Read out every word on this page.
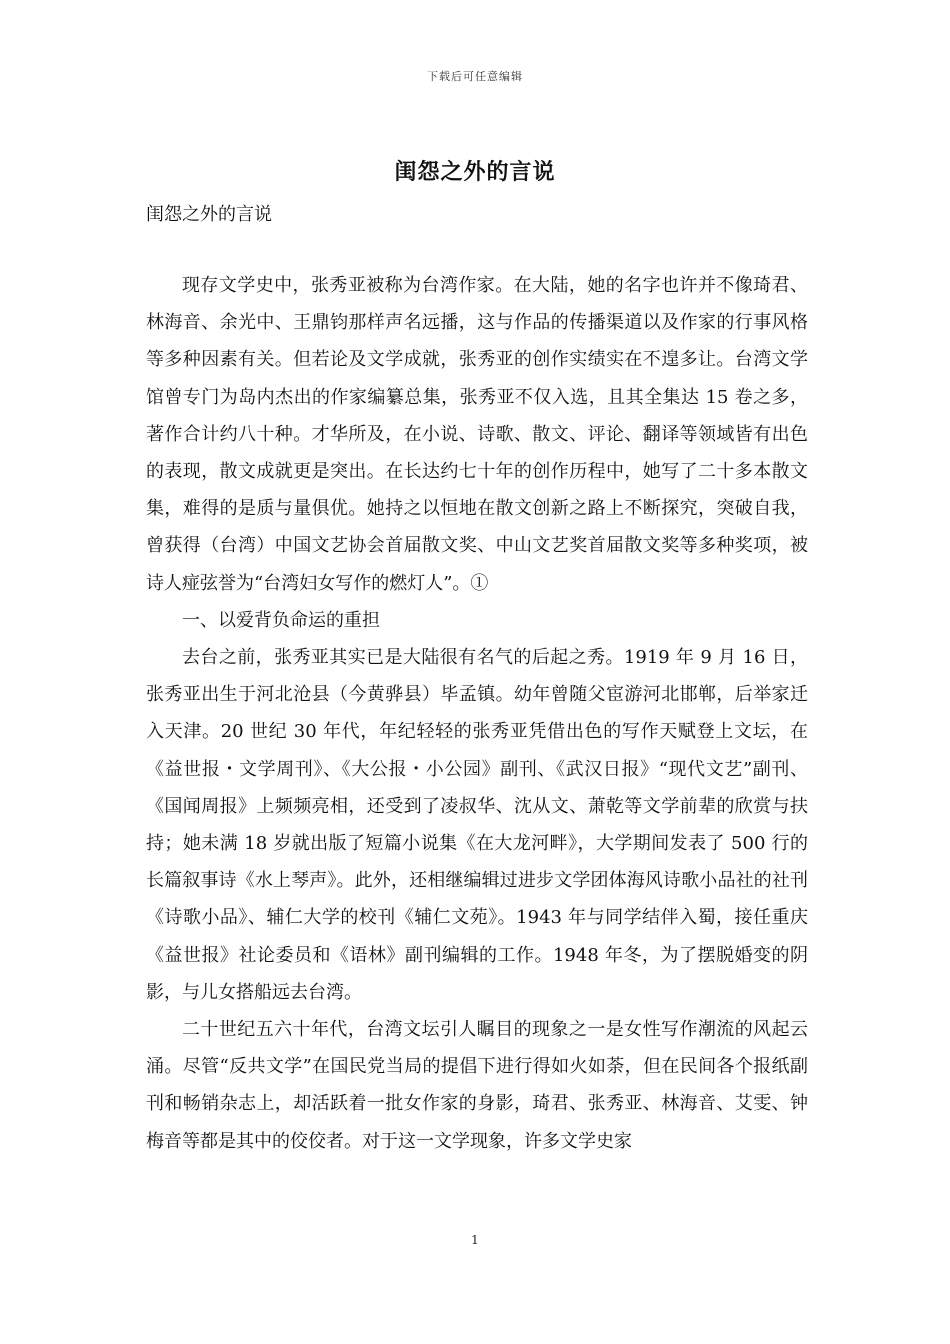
下载后可任意编辑
闺怨之外的言说
闺怨之外的言说

现存文学史中，张秀亚被称为台湾作家。在大陆，她的名字也许并不像琦君、林海音、余光中、王鼎钧那样声名远播，这与作品的传播渠道以及作家的行事风格等多种因素有关。但若论及文学成就，张秀亚的创作实绩实在不遑多让。台湾文学馆曾专门为岛内杰出的作家编纂总集，张秀亚不仅入选，且其全集达 15 卷之多，著作合计约八十种。才华所及，在小说、诗歌、散文、评论、翻译等领域皆有出色的表现，散文成就更是突出。在长达约七十年的创作历程中，她写了二十多本散文集，难得的是质与量俱优。她持之以恒地在散文创新之路上不断探究，突破自我，曾获得（台湾）中国文艺协会首届散文奖、中山文艺奖首届散文奖等多种奖项，被诗人痖弦誉为“台湾妇女写作的燃灯人”。①

一、以爱背负命运的重担

去台之前，张秀亚其实已是大陆很有名气的后起之秀。1919 年 9 月 16 日，张秀亚出生于河北沧县（今黄骅县）毕孟镇。幼年曾随父宦游河北邯郸，后举家迁入天津。20 世纪 30 年代，年纪轻轻的张秀亚凭借出色的写作天赋登上文坛，在《益世报・文学周刊》、《大公报・小公园》副刊、《武汉日报》“现代文艺”副刊、《国闻周报》上频频亮相，还受到了凌叔华、沈从文、萧乾等文学前辈的欣赏与扶持；她未满 18 岁就出版了短篇小说集《在大龙河畔》，大学期间发表了 500 行的长篇叙事诗《水上琴声》。此外，还相继编辑过进步文学团体海风诗歌小品社的社刊《诗歌小品》、辅仁大学的校刊《辅仁文苑》。1943 年与同学结伴入蜀，接任重庆《益世报》社论委员和《语林》副刊编辑的工作。1948 年冬，为了摆脱婚变的阴影，与儿女搭船远去台湾。

二十世纪五六十年代，台湾文坛引人瞩目的现象之一是女性写作潮流的风起云涌。尽管“反共文学”在国民党当局的提倡下进行得如火如荼，但在民间各个报纸副刊和畅销杂志上，却活跃着一批女作家的身影，琦君、张秀亚、林海音、艾雯、钟梅音等都是其中的佼佼者。对于这一文学现象，许多文学史家

1
